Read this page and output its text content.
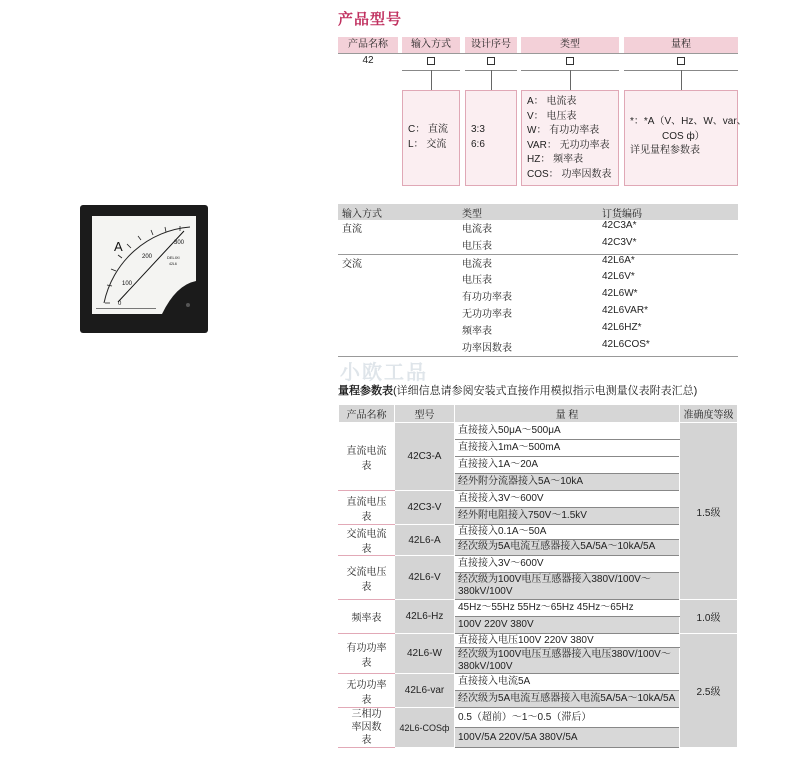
产品型号
产品名称	输入方式	设计序号	类型	量程
42
C： 直流
L： 交流
3:3
6:6
A： 电流表
V： 电压表
W： 有功功率表
VAR： 无功功率表
HZ： 频率表
COS： 功率因数表
*：*A（V、Hz、W、var、
COS ф）
详见量程参数表
A
0
100
200
300
DELIXI
42L6
输入方式	类型	订货编码
直流	电流表	42C3A*
	电压表	42C3V*
交流	电流表	42L6A*
	电压表	42L6V*
	有功功率表	42L6W*
	无功功率表	42L6VAR*
	频率表	42L6HZ*
	功率因数表	42L6COS*
小欧工品
量程参数表(详细信息请参阅安装式直接作用模拟指示电测量仪表附表汇总)
产品名称	型号	量 程	准确度等级
直流电流表	42C3-A	直接接入50μA～500μA	1.5级
		直接接入1mA～500mA	
		直接接入1A～20A	
		经外附分流器接入5A～10kA	
直流电压表	42C3-V	直接接入3V～600V	
		经外附电阻接入750V～1.5kV	
交流电流表	42L6-A	直接接入0.1A～50A	
		经次级为5A电流互感器接入5A/5A～10kA/5A	
交流电压表	42L6-V	直接接入3V～600V	
		经次级为100V电压互感器接入380V/100V～380kV/100V	
频率表	42L6-Hz	45Hz～55Hz 55Hz～65Hz 45Hz～65Hz	1.0级
		100V 220V 380V	
有功功率表	42L6-W	直接接入电压100V 220V 380V	2.5级
		经次级为100V电压互感器接入电压380V/100V～380kV/100V	
无功功率表	42L6-var	直接接入电流5A	
		经次级为5A电流互感器接入电流5A/5A～10kA/5A	
三相功率因数表	42L6-COSф	0.5（超前）～1～0.5（滞后）	
		100V/5A 220V/5A 380V/5A	
